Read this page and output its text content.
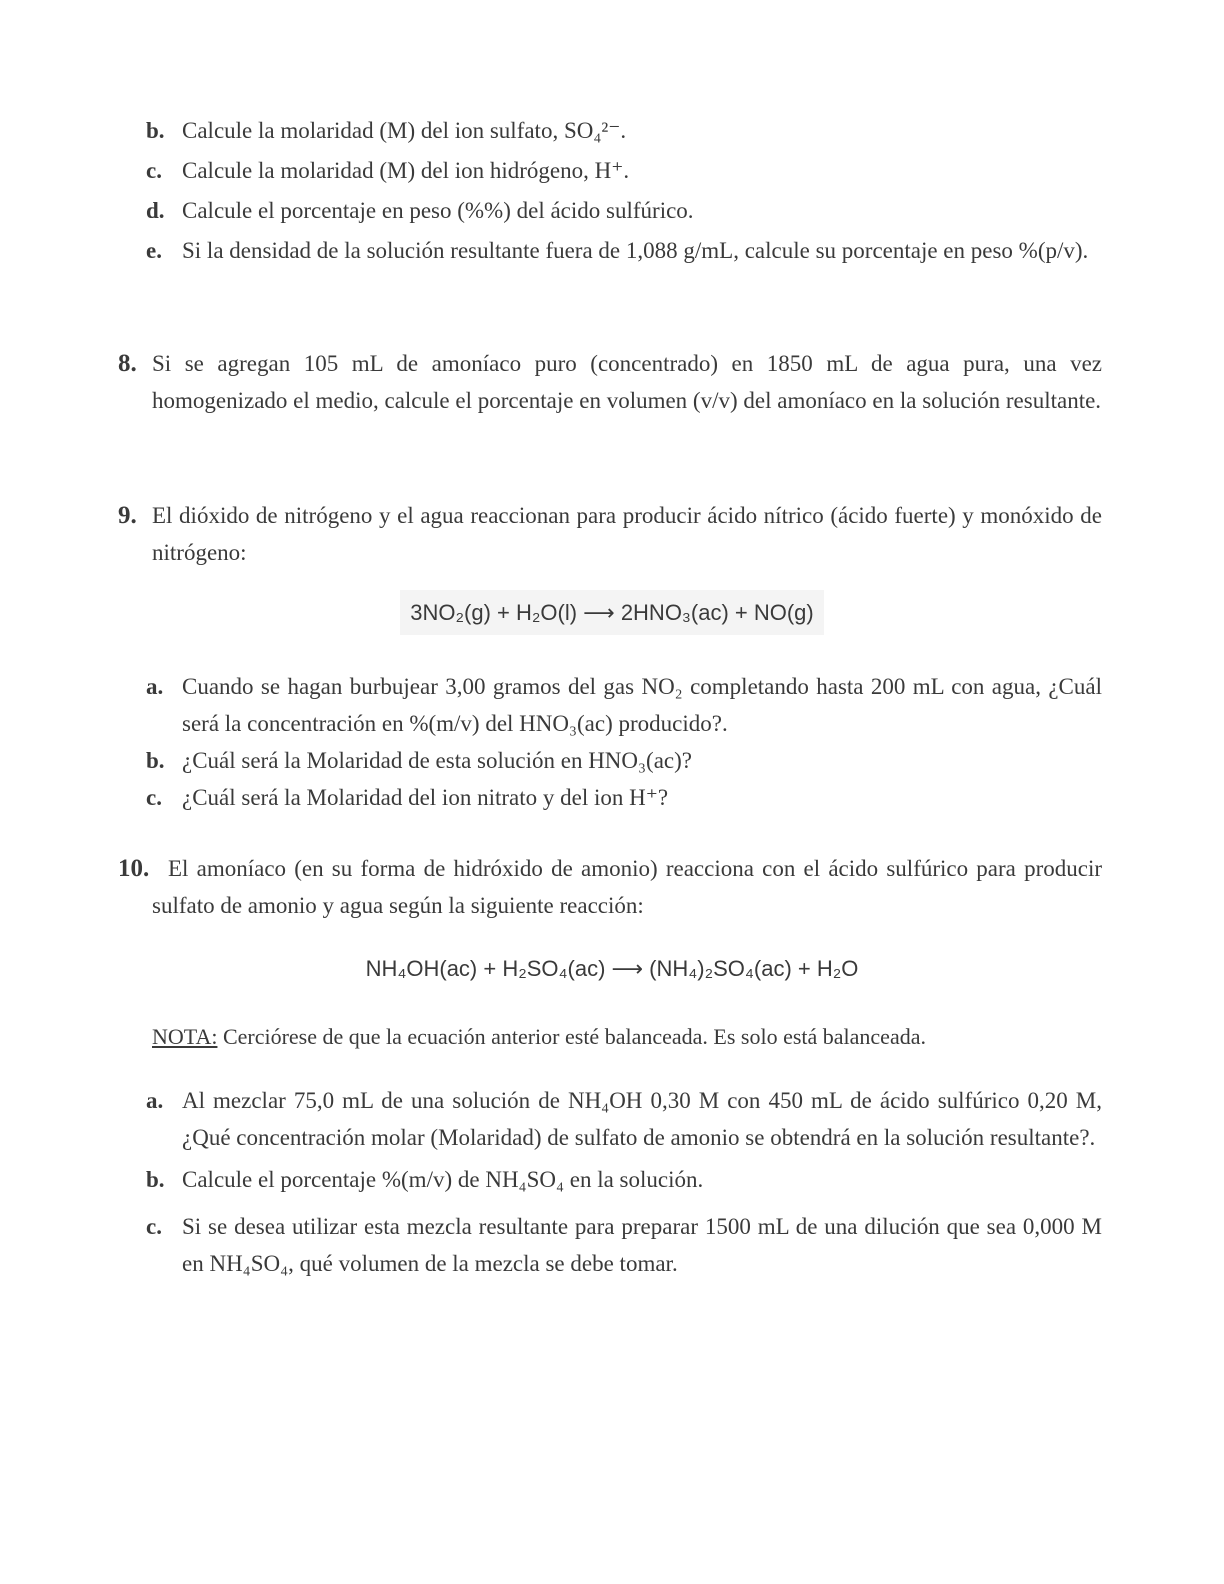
b. Calcule la molaridad (M) del ion sulfato, SO₄²⁻.
c. Calcule la molaridad (M) del ion hidrógeno, H⁺.
d. Calcule el porcentaje en peso (%%) del ácido sulfúrico.
e. Si la densidad de la solución resultante fuera de 1,088 g/mL, calcule su porcentaje en peso %(p/v).
8. Si se agregan 105 mL de amoníaco puro (concentrado) en 1850 mL de agua pura, una vez homogenizado el medio, calcule el porcentaje en volumen (v/v) del amoníaco en la solución resultante.
9. El dióxido de nitrógeno y el agua reaccionan para producir ácido nítrico (ácido fuerte) y monóxido de nitrógeno:
3NO₂(g) + H₂O(l) ⟶ 2HNO₃(ac) + NO(g)
a. Cuando se hagan burbujear 3,00 gramos del gas NO₂ completando hasta 200 mL con agua, ¿Cuál será la concentración en %(m/v) del HNO₃(ac) producido?.
b. ¿Cuál será la Molaridad de esta solución en HNO₃(ac)?
c. ¿Cuál será la Molaridad del ion nitrato y del ion H⁺?
10. El amoníaco (en su forma de hidróxido de amonio) reacciona con el ácido sulfúrico para producir sulfato de amonio y agua según la siguiente reacción:
NH₄OH(ac) + H₂SO₄(ac) ⟶ (NH₄)₂SO₄(ac) + H₂O
NOTA: Cerciórese de que la ecuación anterior esté balanceada. Es solo está balanceada.
a. Al mezclar 75,0 mL de una solución de NH₄OH 0,30 M con 450 mL de ácido sulfúrico 0,20 M, ¿Qué concentración molar (Molaridad) de sulfato de amonio se obtendrá en la solución resultante?.
b. Calcule el porcentaje %(m/v) de NH₄SO₄ en la solución.
c. Si se desea utilizar esta mezcla resultante para preparar 1500 mL de una dilución que sea 0,000 M en NH₄SO₄, qué volumen de la mezcla se debe tomar.
